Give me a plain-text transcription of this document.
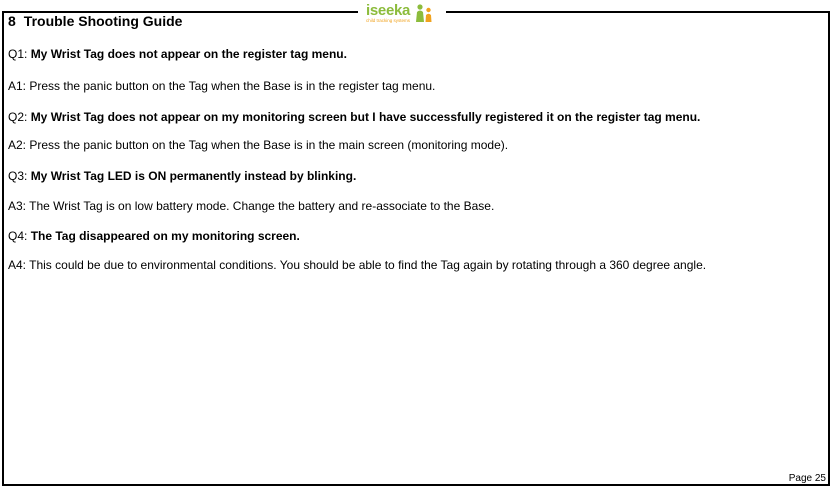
iseeka
child tracking systems
8 Trouble Shooting Guide
Q1: My Wrist Tag does not appear on the register tag menu.
A1: Press the panic button on the Tag when the Base is in the register tag menu.
Q2: My Wrist Tag does not appear on my monitoring screen but I have successfully registered it on the register tag menu.
A2: Press the panic button on the Tag when the Base is in the main screen (monitoring mode).
Q3: My Wrist Tag LED is ON permanently instead by blinking.
A3: The Wrist Tag is on low battery mode. Change the battery and re-associate to the Base.
Q4: The Tag disappeared on my monitoring screen.
A4: This could be due to environmental conditions. You should be able to find the Tag again by rotating through a 360 degree angle.
Page 25
